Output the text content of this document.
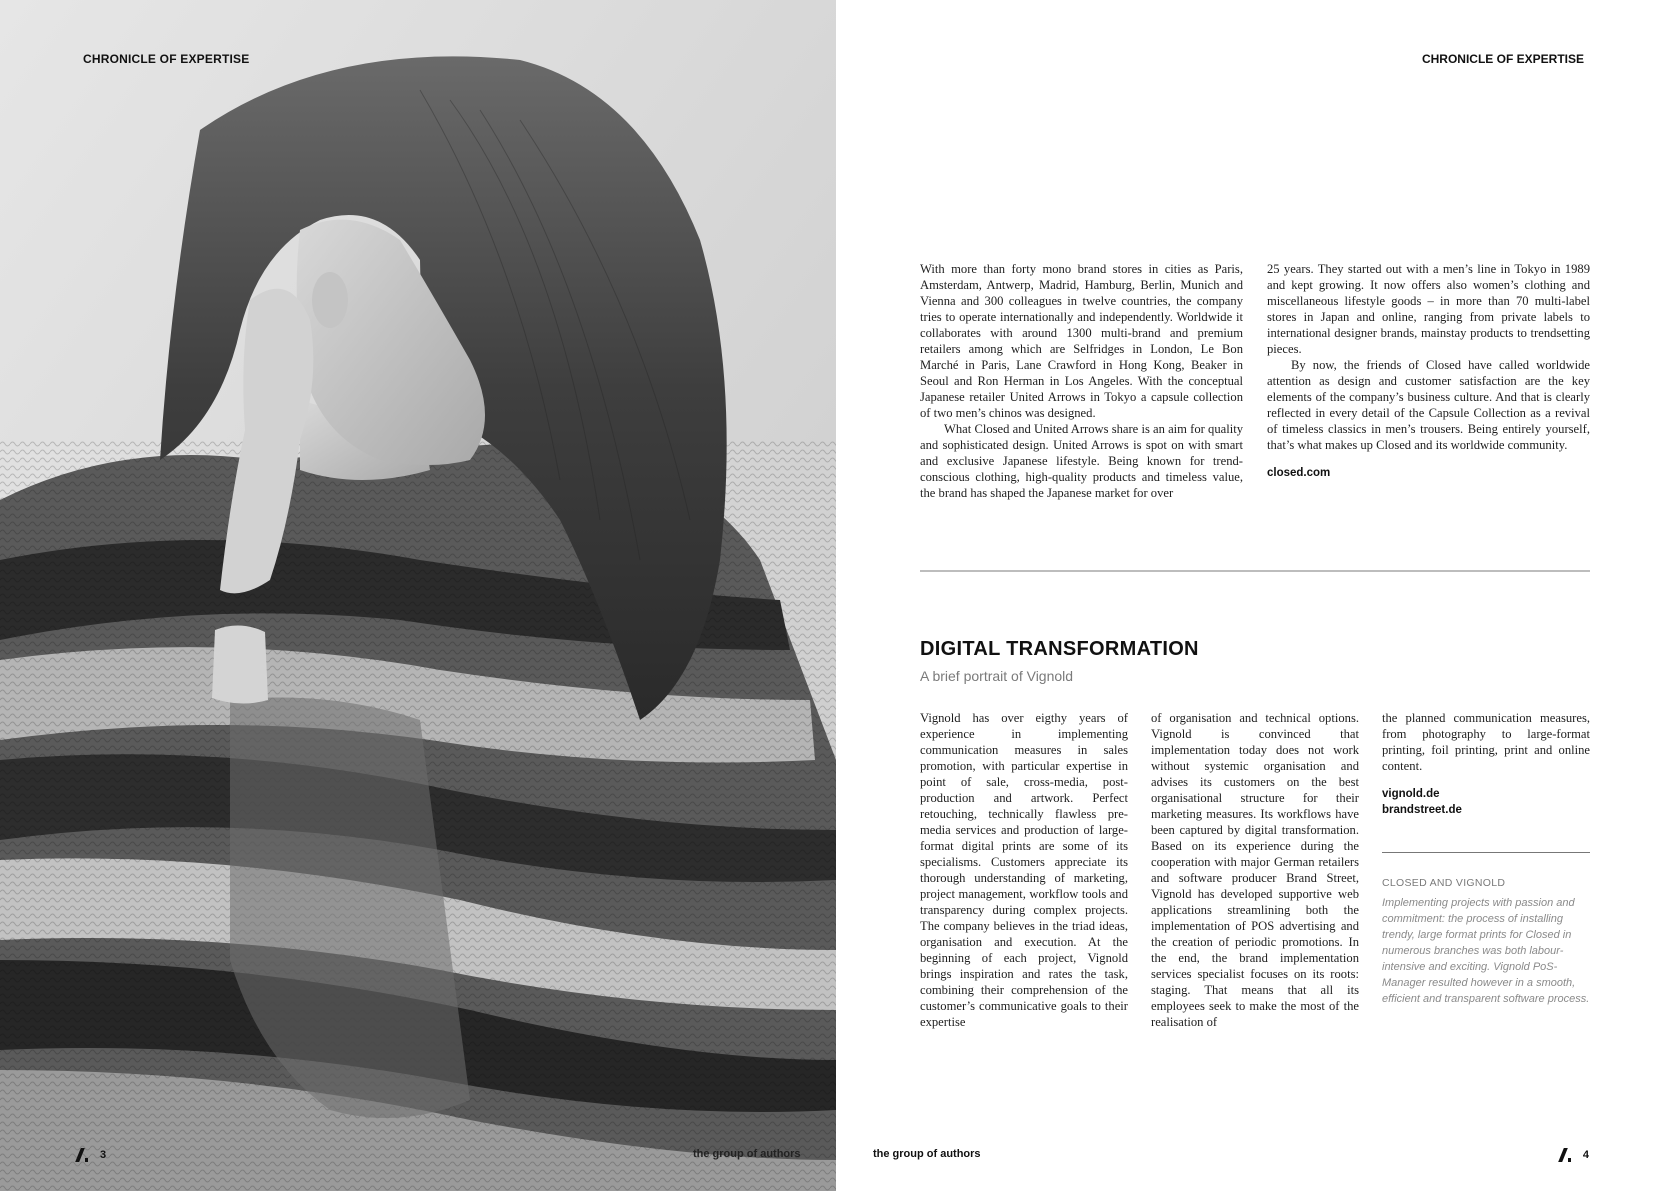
CHRONICLE OF EXPERTISE
3	the group of authors
CHRONICLE OF EXPERTISE

With more than forty mono brand stores in cities as Paris, Amsterdam, Antwerp, Madrid, Hamburg, Berlin, Munich and Vienna and 300 colleagues in twelve countries, the company tries to operate internationally and independently. Worldwide it collaborates with around 1300 multi-brand and premium retailers among which are Selfridges in London, Le Bon Marché in Paris, Lane Crawford in Hong Kong, Beaker in Seoul and Ron Herman in Los Angeles. With the conceptual Japanese retailer United Arrows in Tokyo a capsule collection of two men’s chinos was designed.

What Closed and United Arrows share is an aim for quality and sophisticated design. United Arrows is spot on with smart and exclusive Japanese lifestyle. Being known for trend-conscious clothing, high-quality products and timeless value, the brand has shaped the Japanese market for over

25 years. They started out with a men’s line in Tokyo in 1989 and kept growing. It now offers also women’s clothing and miscellaneous lifestyle goods – in more than 70 multi-label stores in Japan and online, ranging from private labels to international designer brands, mainstay products to trendsetting pieces.

By now, the friends of Closed have called worldwide attention as design and customer satisfaction are the key elements of the company’s business culture. And that is clearly reflected in every detail of the Capsule Collection as a revival of timeless classics in men’s trousers. Being entirely yourself, that’s what makes up Closed and its worldwide community.

closed.com
DIGITAL TRANSFORMATION
A brief portrait of Vignold
Vignold has over eigthy years of experience in implementing communication measures in sales promotion, with particular expertise in point of sale, cross-media, post-production and artwork. Perfect retouching, technically flawless pre-media services and production of large-format digital prints are some of its specialisms. Customers appreciate its thorough understanding of marketing, project management, workflow tools and transparency during complex projects. The company believes in the triad ideas, organisation and execution. At the beginning of each project, Vignold brings inspiration and rates the task, combining their comprehension of the customer’s communicative goals to their expertise
of organisation and technical options. Vignold is convinced that implementation today does not work without systemic organisation and advises its customers on the best organisational structure for their marketing measures. Its workflows have been captured by digital transformation. Based on its experience during the cooperation with major German retailers and software producer Brand Street, Vignold has developed supportive web applications streamlining both the implementation of POS advertising and the creation of periodic promotions. In the end, the brand implementation services specialist focuses on its roots: staging. That means that all its employees seek to make the most of the realisation of
the planned communication measures, from photography to large-format printing, foil printing, print and online content.
vignold.de
brandstreet.de
CLOSED AND VIGNOLD
Implementing projects with passion and commitment: the process of installing trendy, large format prints for Closed in numerous branches was both labour-intensive and exciting. Vignold PoS-Manager resulted however in a smooth, efficient and transparent software process.
the group of authors	4
